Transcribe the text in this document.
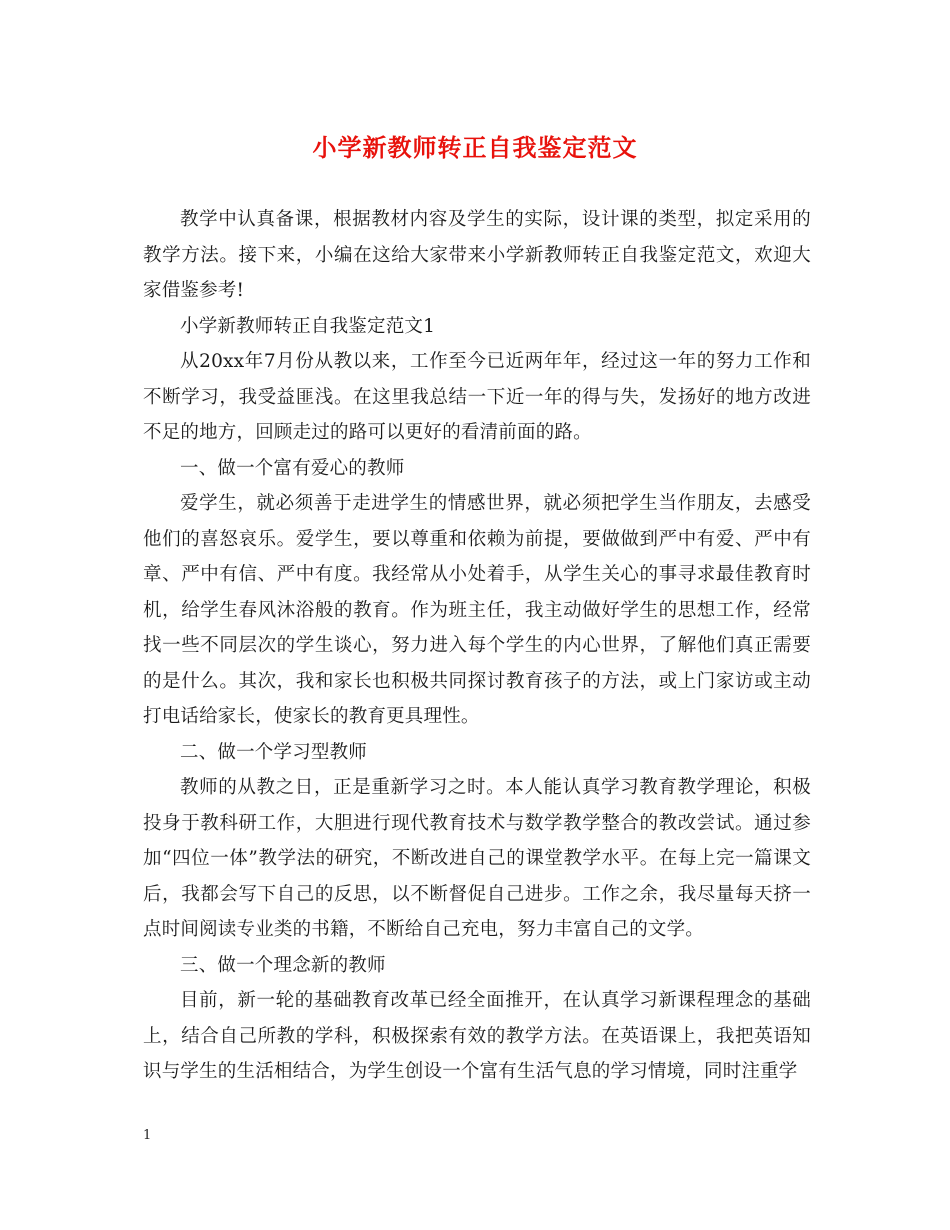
小学新教师转正自我鉴定范文

教学中认真备课，根据教材内容及学生的实际，设计课的类型，拟定采用的教学方法。接下来，小编在这给大家带来小学新教师转正自我鉴定范文，欢迎大家借鉴参考!

小学新教师转正自我鉴定范文1

从20xx年7月份从教以来，工作至今已近两年年，经过这一年的努力工作和不断学习，我受益匪浅。在这里我总结一下近一年的得与失，发扬好的地方改进不足的地方，回顾走过的路可以更好的看清前面的路。

一、做一个富有爱心的教师

爱学生，就必须善于走进学生的情感世界，就必须把学生当作朋友，去感受他们的喜怒哀乐。爱学生，要以尊重和依赖为前提，要做做到严中有爱、严中有章、严中有信、严中有度。我经常从小处着手，从学生关心的事寻求最佳教育时机，给学生春风沐浴般的教育。作为班主任，我主动做好学生的思想工作，经常找一些不同层次的学生谈心，努力进入每个学生的内心世界，了解他们真正需要的是什么。其次，我和家长也积极共同探讨教育孩子的方法，或上门家访或主动打电话给家长，使家长的教育更具理性。

二、做一个学习型教师

教师的从教之日，正是重新学习之时。本人能认真学习教育教学理论，积极投身于教科研工作，大胆进行现代教育技术与数学教学整合的教改尝试。通过参加“四位一体”教学法的研究，不断改进自己的课堂教学水平。在每上完一篇课文后，我都会写下自己的反思，以不断督促自己进步。工作之余，我尽量每天挤一点时间阅读专业类的书籍，不断给自己充电，努力丰富自己的文学。

三、做一个理念新的教师

目前，新一轮的基础教育改革已经全面推开，在认真学习新课程理念的基础上，结合自己所教的学科，积极探索有效的教学方法。在英语课上，我把英语知识与学生的生活相结合，为学生创设一个富有生活气息的学习情境，同时注重学

1
